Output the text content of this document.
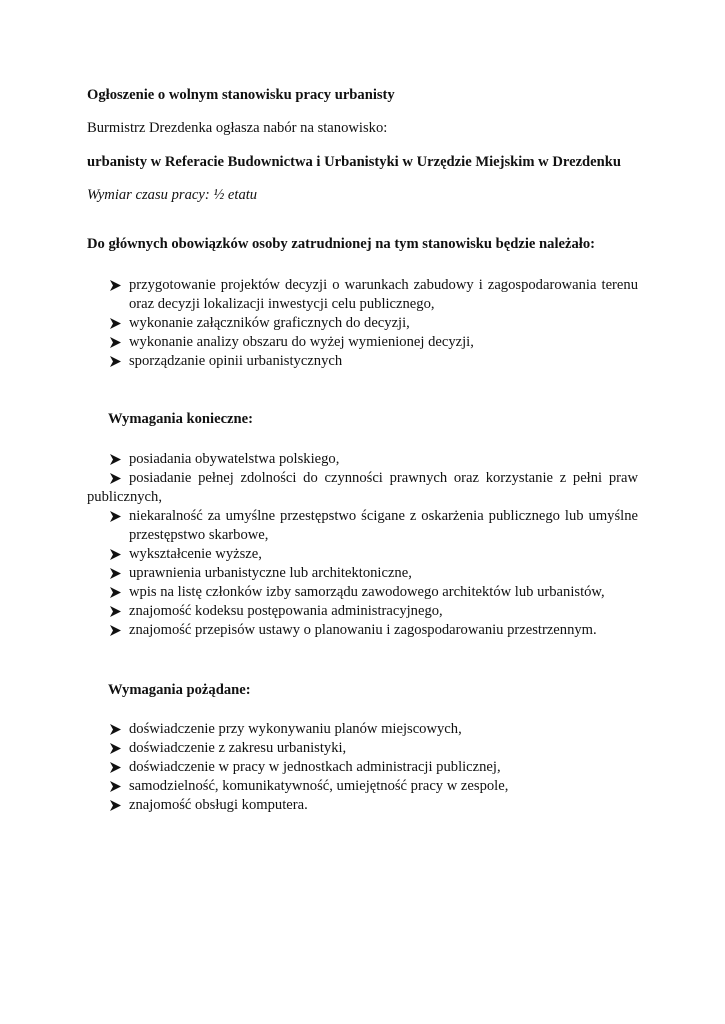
Ogłoszenie o wolnym stanowisku pracy urbanisty
Burmistrz Drezdenka ogłasza nabór na stanowisko:
urbanisty w Referacie Budownictwa i Urbanistyki w Urzędzie Miejskim w Drezdenku
Wymiar czasu pracy: ½ etatu
Do głównych obowiązków osoby zatrudnionej na tym stanowisku będzie należało:
przygotowanie projektów decyzji o warunkach zabudowy i zagospodarowania terenu oraz decyzji lokalizacji inwestycji celu publicznego,
wykonanie załączników graficznych do decyzji,
wykonanie analizy obszaru do wyżej wymienionej decyzji,
sporządzanie opinii urbanistycznych
Wymagania konieczne:
posiadania obywatelstwa polskiego,
posiadanie pełnej zdolności do czynności prawnych oraz korzystanie z pełni praw publicznych,
niekaralność za umyślne przestępstwo ścigane z oskarżenia publicznego lub umyślne przestępstwo skarbowe,
wykształcenie wyższe,
uprawnienia urbanistyczne lub architektoniczne,
wpis na listę członków izby samorządu zawodowego architektów lub urbanistów,
znajomość kodeksu postępowania administracyjnego,
znajomość przepisów ustawy o planowaniu i zagospodarowaniu przestrzennym.
Wymagania pożądane:
doświadczenie przy wykonywaniu planów miejscowych,
doświadczenie z zakresu urbanistyki,
doświadczenie w pracy w jednostkach administracji publicznej,
samodzielność, komunikatywność, umiejętność pracy w zespole,
znajomość obsługi komputera.
